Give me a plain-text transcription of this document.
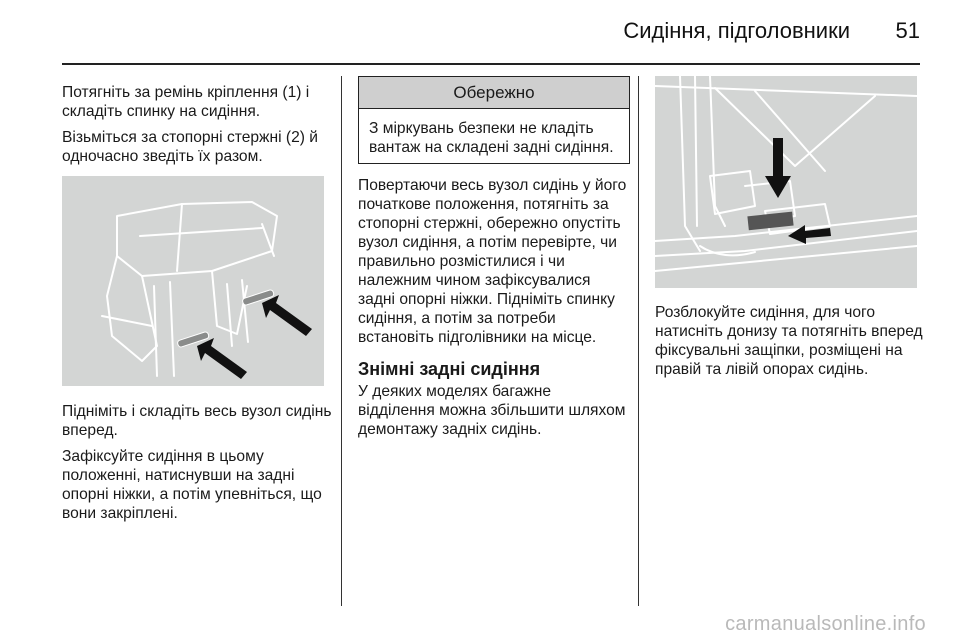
Сидіння, підголовники 51

Потягніть за ремінь кріплення (1) і складіть спинку на сидіння.

Візьміться за стопорні стержні (2) й одночасно зведіть їх разом.

Підніміть і складіть весь вузол сидінь вперед.

Зафіксуйте сидіння в цьому положенні, натиснувши на задні опорні ніжки, а потім упевніться, що вони закріплені.

Обережно
З міркувань безпеки не кладіть вантаж на складені задні сидіння.

Повертаючи весь вузол сидінь у його початкове положення, потягніть за стопорні стержні, обережно опустіть вузол сидіння, а потім перевірте, чи правильно розмістилися і чи належним чином зафіксувалися задні опорні ніжки. Підніміть спинку сидіння, а потім за потреби встановіть підголівники на місце.

Знімні задні сидіння

У деяких моделях багажне відділення можна збільшити шляхом демонтажу задніх сидінь.

Розблокуйте сидіння, для чого натисніть донизу та потягніть вперед фіксувальні защіпки, розміщені на правій та лівій опорах сидінь.

carmanualsonline.info
